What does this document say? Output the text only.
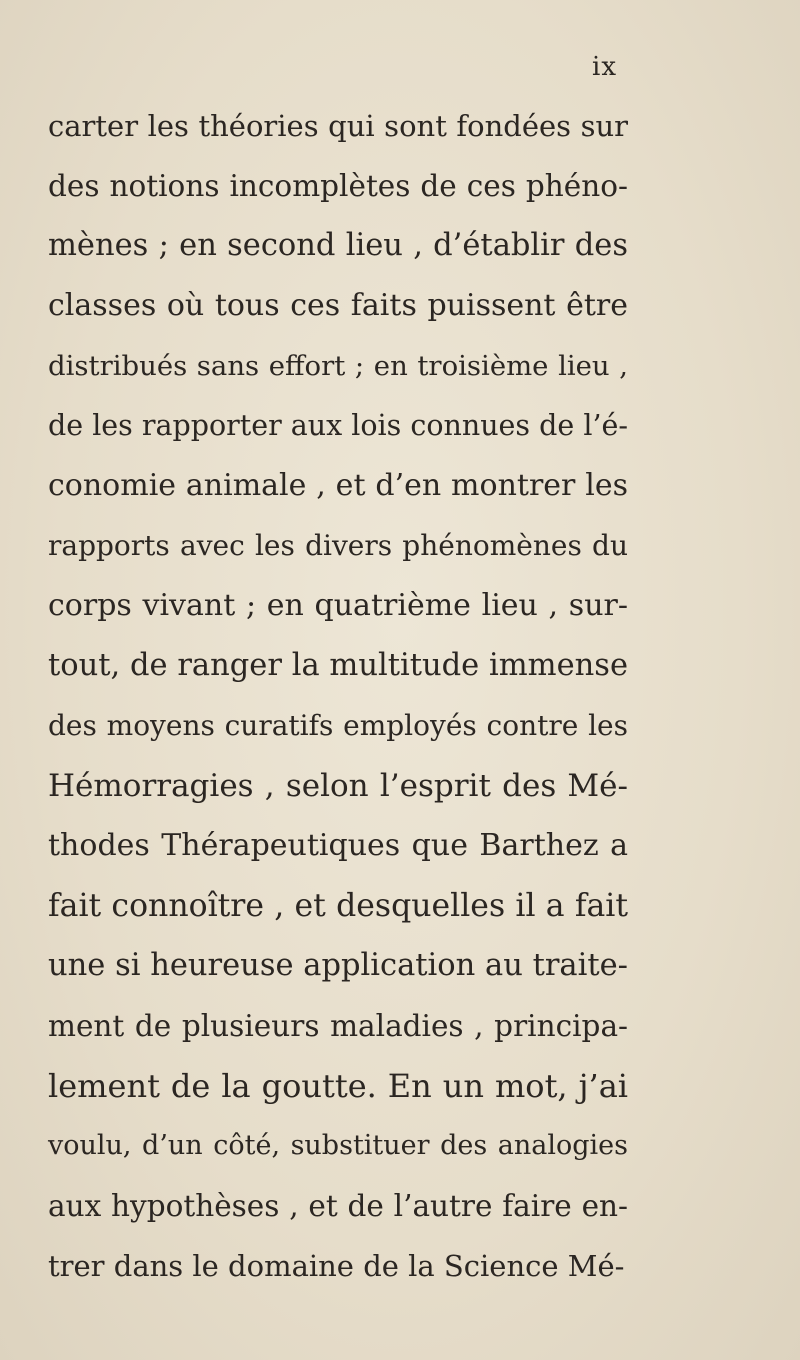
ix
carter les théories qui sont fondées sur
des notions incomplètes de ces phéno-
mènes ; en second lieu , d’établir des
classes où tous ces faits puissent être
distribués sans effort ; en troisième lieu ,
de les rapporter aux lois connues de l’é-
conomie animale , et d’en montrer les
rapports avec les divers phénomènes du
corps vivant ; en quatrième lieu , sur-
tout, de ranger la multitude immense
des moyens curatifs employés contre les
Hémorragies , selon l’esprit des Mé-
thodes Thérapeutiques que Barthez a
fait connoître , et desquelles il a fait
une si heureuse application au traite-
ment de plusieurs maladies , principa-
lement de la goutte. En un mot, j’ai
voulu, d’un côté, substituer des analogies
aux hypothèses , et de l’autre faire en-
trer dans le domaine de la Science Mé-
